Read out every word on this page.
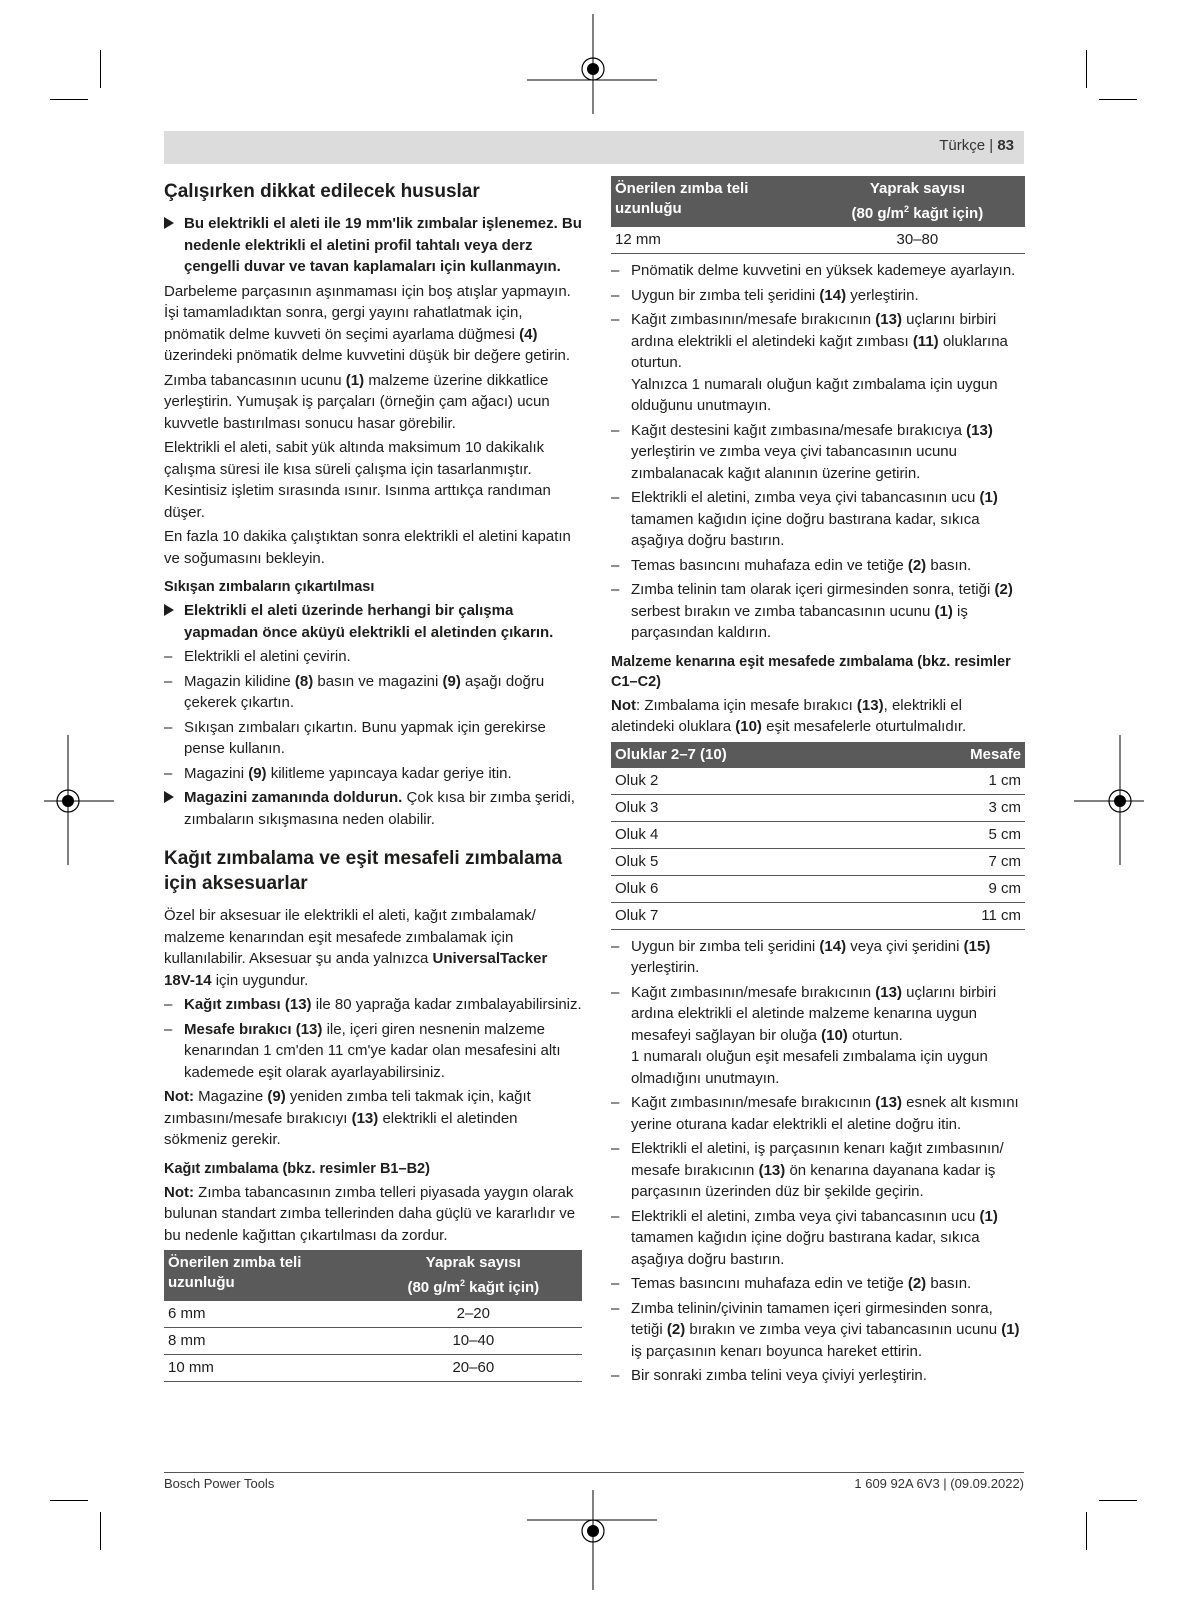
Türkçe | 83
Çalışırken dikkat edilecek hususlar
Bu elektrikli el aleti ile 19 mm'lik zımbalar işlenemez. Bu nedenle elektrikli el aletini profil tahtalı veya derz çengelli duvar ve tavan kaplamaları için kullanmayın.

Darbeleme parçasının aşınmaması için boş atışlar yapmayın. İşi tamamladıktan sonra, gergi yayını rahatlatmak için, pnömatik delme kuvveti ön seçimi ayarlama düğmesi (4) üzerindeki pnömatik delme kuvvetini düşük bir değere getirin.

Zımba tabancasının ucunu (1) malzeme üzerine dikkatlice yerleştirin. Yumuşak iş parçaları (örneğin çam ağacı) ucun kuvvetle bastırılması sonucu hasar görebilir.

Elektrikli el aleti, sabit yük altında maksimum 10 dakikalık çalışma süresi ile kısa süreli çalışma için tasarlanmıştır. Kesintisiz işletim sırasında ısınır. Isınma arttıkça randıman düşer.

En fazla 10 dakika çalıştıktan sonra elektrikli el aletini kapatın ve soğumasını bekleyin.

Sıkışan zımbaların çıkartılması
Elektrikli el aleti üzerinde herhangi bir çalışma yapmadan önce aküyü elektrikli el aletinden çıkarın.
– Elektrikli el aletini çevirin.
– Magazin kilidine (8) basın ve magazini (9) aşağı doğru çekerek çıkartın.
– Sıkışan zımbaları çıkartın. Bunu yapmak için gerekirse pense kullanın.
– Magazini (9) kilitleme yapıncaya kadar geriye itin.
Magazini zamanında doldurun. Çok kısa bir zımba şeridi, zımbaların sıkışmasına neden olabilir.
Kağıt zımbalama ve eşit mesafeli zımbalama için aksesuarlar

Özel bir aksesuar ile elektrikli el aleti, kağıt zımbalamak/ malzeme kenarından eşit mesafede zımbalamak için kullanılabilir. Aksesuar şu anda yalnızca UniversalTacker 18V-14 için uygundur.

– Kağıt zımbası (13) ile 80 yaprağa kadar zımbalayabilirsiniz.
– Mesafe bırakıcı (13) ile, içeri giren nesnenin malzeme kenarından 1 cm'den 11 cm'ye kadar olan mesafesini altı kademede eşit olarak ayarlayabilirsiniz.

Not: Magazine (9) yeniden zımba teli takmak için, kağıt zımbasını/mesafe bırakıcıyı (13) elektrikli el aletinden sökmeniz gerekir.

Kağıt zımbalama (bkz. resimler B1–B2)

Not: Zımba tabancasının zımba telleri piyasada yaygın olarak bulunan standart zımba tellerinden daha güçlü ve kararlıdır ve bu nedenle kağıttan çıkartılması da zordur.

Önerilen zımba teli uzunluğu	Yaprak sayısı
(80 $g/m^2$ kağıt için)
6 mm	2–20
8 mm	10–40
10 mm	20–60
Önerilen zımba teli uzunluğu	Yaprak sayısı
(80 $g/m^2$ kağıt için)
12 mm	30–80
– Pnömatik delme kuvvetini en yüksek kademeye ayarlayın.
– Uygun bir zımba teli şeridini (14) yerleştirin.
– Kağıt zımbasının/mesafe bırakıcının (13) uçlarını birbiri ardına elektrikli el aletindeki kağıt zımbası (11) oluklarına oturtun.
Yalnızca 1 numaralı oluğun kağıt zımbalama için uygun olduğunu unutmayın.
– Kağıt destesini kağıt zımbasına/mesafe bırakıcıya (13) yerleştirin ve zımba veya çivi tabancasının ucunu zımbalanacak kağıt alanının üzerine getirin.
– Elektrikli el aletini, zımba veya çivi tabancasının ucu (1) tamamen kağıdın içine doğru bastırana kadar, sıkıca aşağıya doğru bastırın.
– Temas basıncını muhafaza edin ve tetiğe (2) basın.
– Zımba telinin tam olarak içeri girmesinden sonra, tetiği (2) serbest bırakın ve zımba tabancasının ucunu (1) iş parçasından kaldırın.
Malzeme kenarına eşit mesafede zımbalama (bkz. resimler C1–C2)

Not: Zımbalama için mesafe bırakıcı (13), elektrikli el aletindeki oluklara (10) eşit mesafelerle oturtulmalıdır.

Oluklar 2–7 (10)	Mesafe
Oluk 2	1 cm
Oluk 3	3 cm
Oluk 4	5 cm
Oluk 5	7 cm
Oluk 6	9 cm
Oluk 7	11 cm
– Uygun bir zımba teli şeridini (14) veya çivi şeridini (15) yerleştirin.
– Kağıt zımbasının/mesafe bırakıcının (13) uçlarını birbiri ardına elektrikli el aletinde malzeme kenarına uygun mesafeyi sağlayan bir oluğa (10) oturtun.
1 numaralı oluğun eşit mesafeli zımbalama için uygun olmadığını unutmayın.
– Kağıt zımbasının/mesafe bırakıcının (13) esnek alt kısmını yerine oturana kadar elektrikli el aletine doğru itin.
– Elektrikli el aletini, iş parçasının kenarı kağıt zımbasının/ mesafe bırakıcının (13) ön kenarına dayanana kadar iş parçasının üzerinden düz bir şekilde geçirin.
– Elektrikli el aletini, zımba veya çivi tabancasının ucu (1) tamamen kağıdın içine doğru bastırana kadar, sıkıca aşağıya doğru bastırın.
– Temas basıncını muhafaza edin ve tetiğe (2) basın.
– Zımba telinin/çivinin tamamen içeri girmesinden sonra, tetiği (2) bırakın ve zımba veya çivi tabancasının ucunu (1) iş parçasının kenarı boyunca hareket ettirin.
– Bir sonraki zımba telini veya çiviyi yerleştirin.
Bosch Power Tools	1 609 92A 6V3 | (09.09.2022)
